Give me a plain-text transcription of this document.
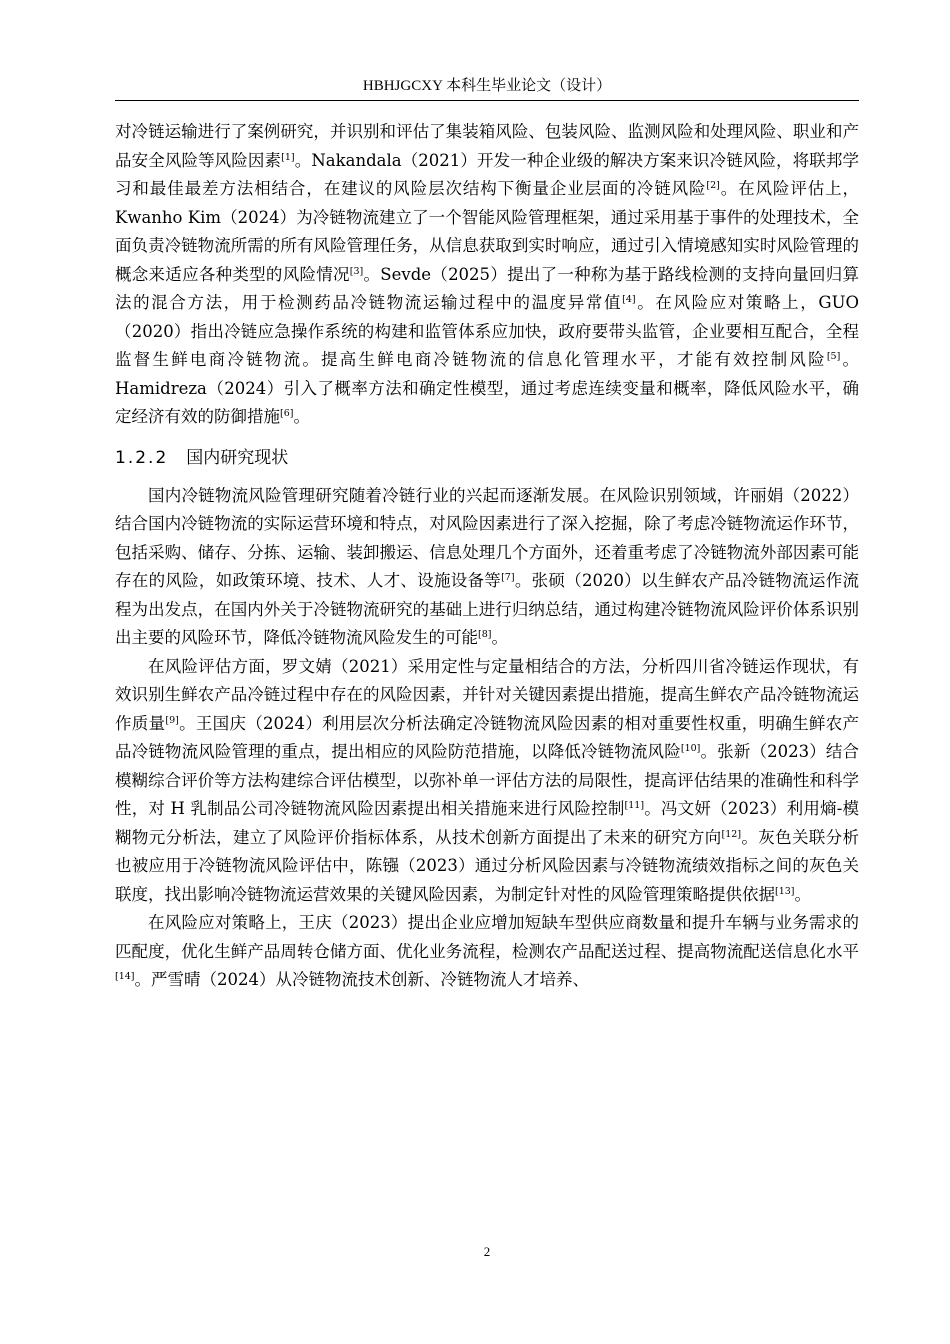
HBHJGCXY 本科生毕业论文（设计）

对冷链运输进行了案例研究，并识别和评估了集装箱风险、包装风险、监测风险和处理风险、职业和产品安全风险等风险因素[1]。Nakandala（2021）开发一种企业级的解决方案来识冷链风险，将联邦学习和最佳最差方法相结合，在建议的风险层次结构下衡量企业层面的冷链风险[2]。在风险评估上，Kwanho Kim（2024）为冷链物流建立了一个智能风险管理框架，通过采用基于事件的处理技术，全面负责冷链物流所需的所有风险管理任务，从信息获取到实时响应，通过引入情境感知实时风险管理的概念来适应各种类型的风险情况[3]。Sevde（2025）提出了一种称为基于路线检测的支持向量回归算法的混合方法，用于检测药品冷链物流运输过程中的温度异常值[4]。在风险应对策略上，GUO（2020）指出冷链应急操作系统的构建和监管体系应加快，政府要带头监管，企业要相互配合，全程监督生鲜电商冷链物流。提高生鲜电商冷链物流的信息化管理水平，才能有效控制风险[5]。Hamidreza（2024）引入了概率方法和确定性模型，通过考虑连续变量和概率，降低风险水平，确定经济有效的防御措施[6]。

1.2.2 国内研究现状

国内冷链物流风险管理研究随着冷链行业的兴起而逐渐发展。在风险识别领域，许丽娟（2022）结合国内冷链物流的实际运营环境和特点，对风险因素进行了深入挖掘，除了考虑冷链物流运作环节，包括采购、储存、分拣、运输、装卸搬运、信息处理几个方面外，还着重考虑了冷链物流外部因素可能存在的风险，如政策环境、技术、人才、设施设备等[7]。张硕（2020）以生鲜农产品冷链物流运作流程为出发点，在国内外关于冷链物流研究的基础上进行归纳总结，通过构建冷链物流风险评价体系识别出主要的风险环节，降低冷链物流风险发生的可能[8]。

在风险评估方面，罗文婧（2021）采用定性与定量相结合的方法，分析四川省冷链运作现状，有效识别生鲜农产品冷链过程中存在的风险因素，并针对关键因素提出措施，提高生鲜农产品冷链物流运作质量[9]。王国庆（2024）利用层次分析法确定冷链物流风险因素的相对重要性权重，明确生鲜农产品冷链物流风险管理的重点，提出相应的风险防范措施，以降低冷链物流风险[10]。张新（2023）结合模糊综合评价等方法构建综合评估模型，以弥补单一评估方法的局限性，提高评估结果的准确性和科学性，对 H 乳制品公司冷链物流风险因素提出相关措施来进行风险控制[11]。冯文妍（2023）利用熵-模糊物元分析法，建立了风险评价指标体系，从技术创新方面提出了未来的研究方向[12]。灰色关联分析也被应用于冷链物流风险评估中，陈镪（2023）通过分析风险因素与冷链物流绩效指标之间的灰色关联度，找出影响冷链物流运营效果的关键风险因素，为制定针对性的风险管理策略提供依据[13]。

在风险应对策略上，王庆（2023）提出企业应增加短缺车型供应商数量和提升车辆与业务需求的匹配度，优化生鲜产品周转仓储方面、优化业务流程，检测农产品配送过程、提高物流配送信息化水平[14]。严雪晴（2024）从冷链物流技术创新、冷链物流人才培养、

2
